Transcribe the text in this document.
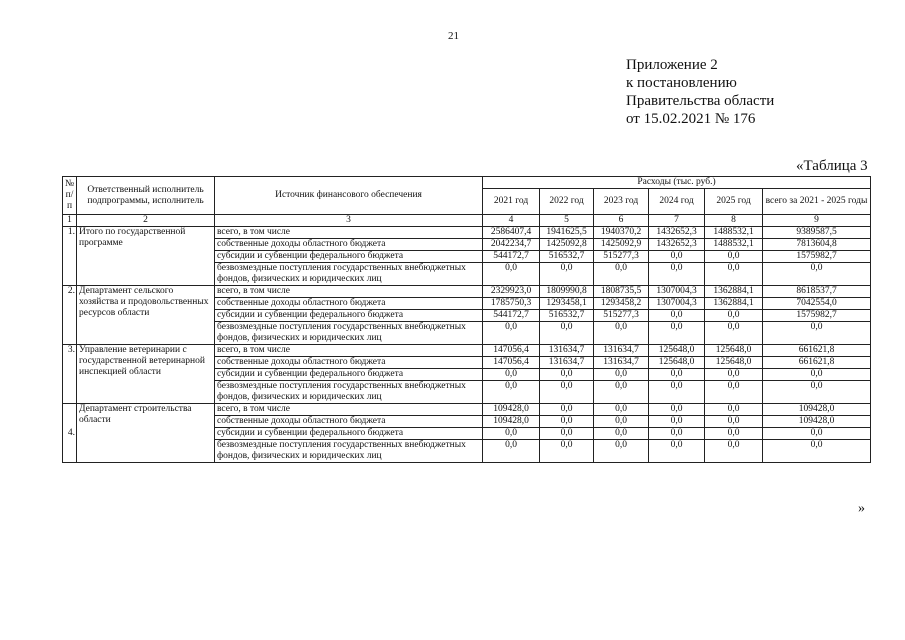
21
Приложение 2
к постановлению
Правительства области
от 15.02.2021 № 176
«Таблица 3
№ п/п	Ответственный исполнитель подпрограммы, исполнитель	Источник финансового обеспечения	Расходы (тыс. руб.)					
			2021 год	2022 год	2023 год	2024 год	2025 год	всего за 2021 - 2025 годы
1	2	3	4	5	6	7	8	9
1.	Итого по государственной программе	всего, в том числе	2586407,4	1941625,5	1940370,2	1432652,3	1488532,1	9389587,5
		собственные доходы областного бюджета	2042234,7	1425092,8	1425092,9	1432652,3	1488532,1	7813604,8
		субсидии и субвенции федерального бюджета	544172,7	516532,7	515277,3	0,0	0,0	1575982,7
		безвозмездные поступления государственных внебюджетных фондов, физических и юридических лиц	0,0	0,0	0,0	0,0	0,0	0,0
2.	Департамент сельского хозяйства и продовольственных ресурсов области	всего, в том числе	2329923,0	1809990,8	1808735,5	1307004,3	1362884,1	8618537,7
		собственные доходы областного бюджета	1785750,3	1293458,1	1293458,2	1307004,3	1362884,1	7042554,0
		субсидии и субвенции федерального бюджета	544172,7	516532,7	515277,3	0,0	0,0	1575982,7
		безвозмездные поступления государственных внебюджетных фондов, физических и юридических лиц	0,0	0,0	0,0	0,0	0,0	0,0
3.	Управление ветеринарии с государственной ветеринарной инспекцией области	всего, в том числе	147056,4	131634,7	131634,7	125648,0	125648,0	661621,8
		собственные доходы областного бюджета	147056,4	131634,7	131634,7	125648,0	125648,0	661621,8
		субсидии и субвенции федерального бюджета	0,0	0,0	0,0	0,0	0,0	0,0
		безвозмездные поступления государственных внебюджетных фондов, физических и юридических лиц	0,0	0,0	0,0	0,0	0,0	0,0
4.	Департамент строительства области	всего, в том числе	109428,0	0,0	0,0	0,0	0,0	109428,0
		собственные доходы областного бюджета	109428,0	0,0	0,0	0,0	0,0	109428,0
		субсидии и субвенции федерального бюджета	0,0	0,0	0,0	0,0	0,0	0,0
		безвозмездные поступления государственных внебюджетных фондов, физических и юридических лиц	0,0	0,0	0,0	0,0	0,0	0,0
»
